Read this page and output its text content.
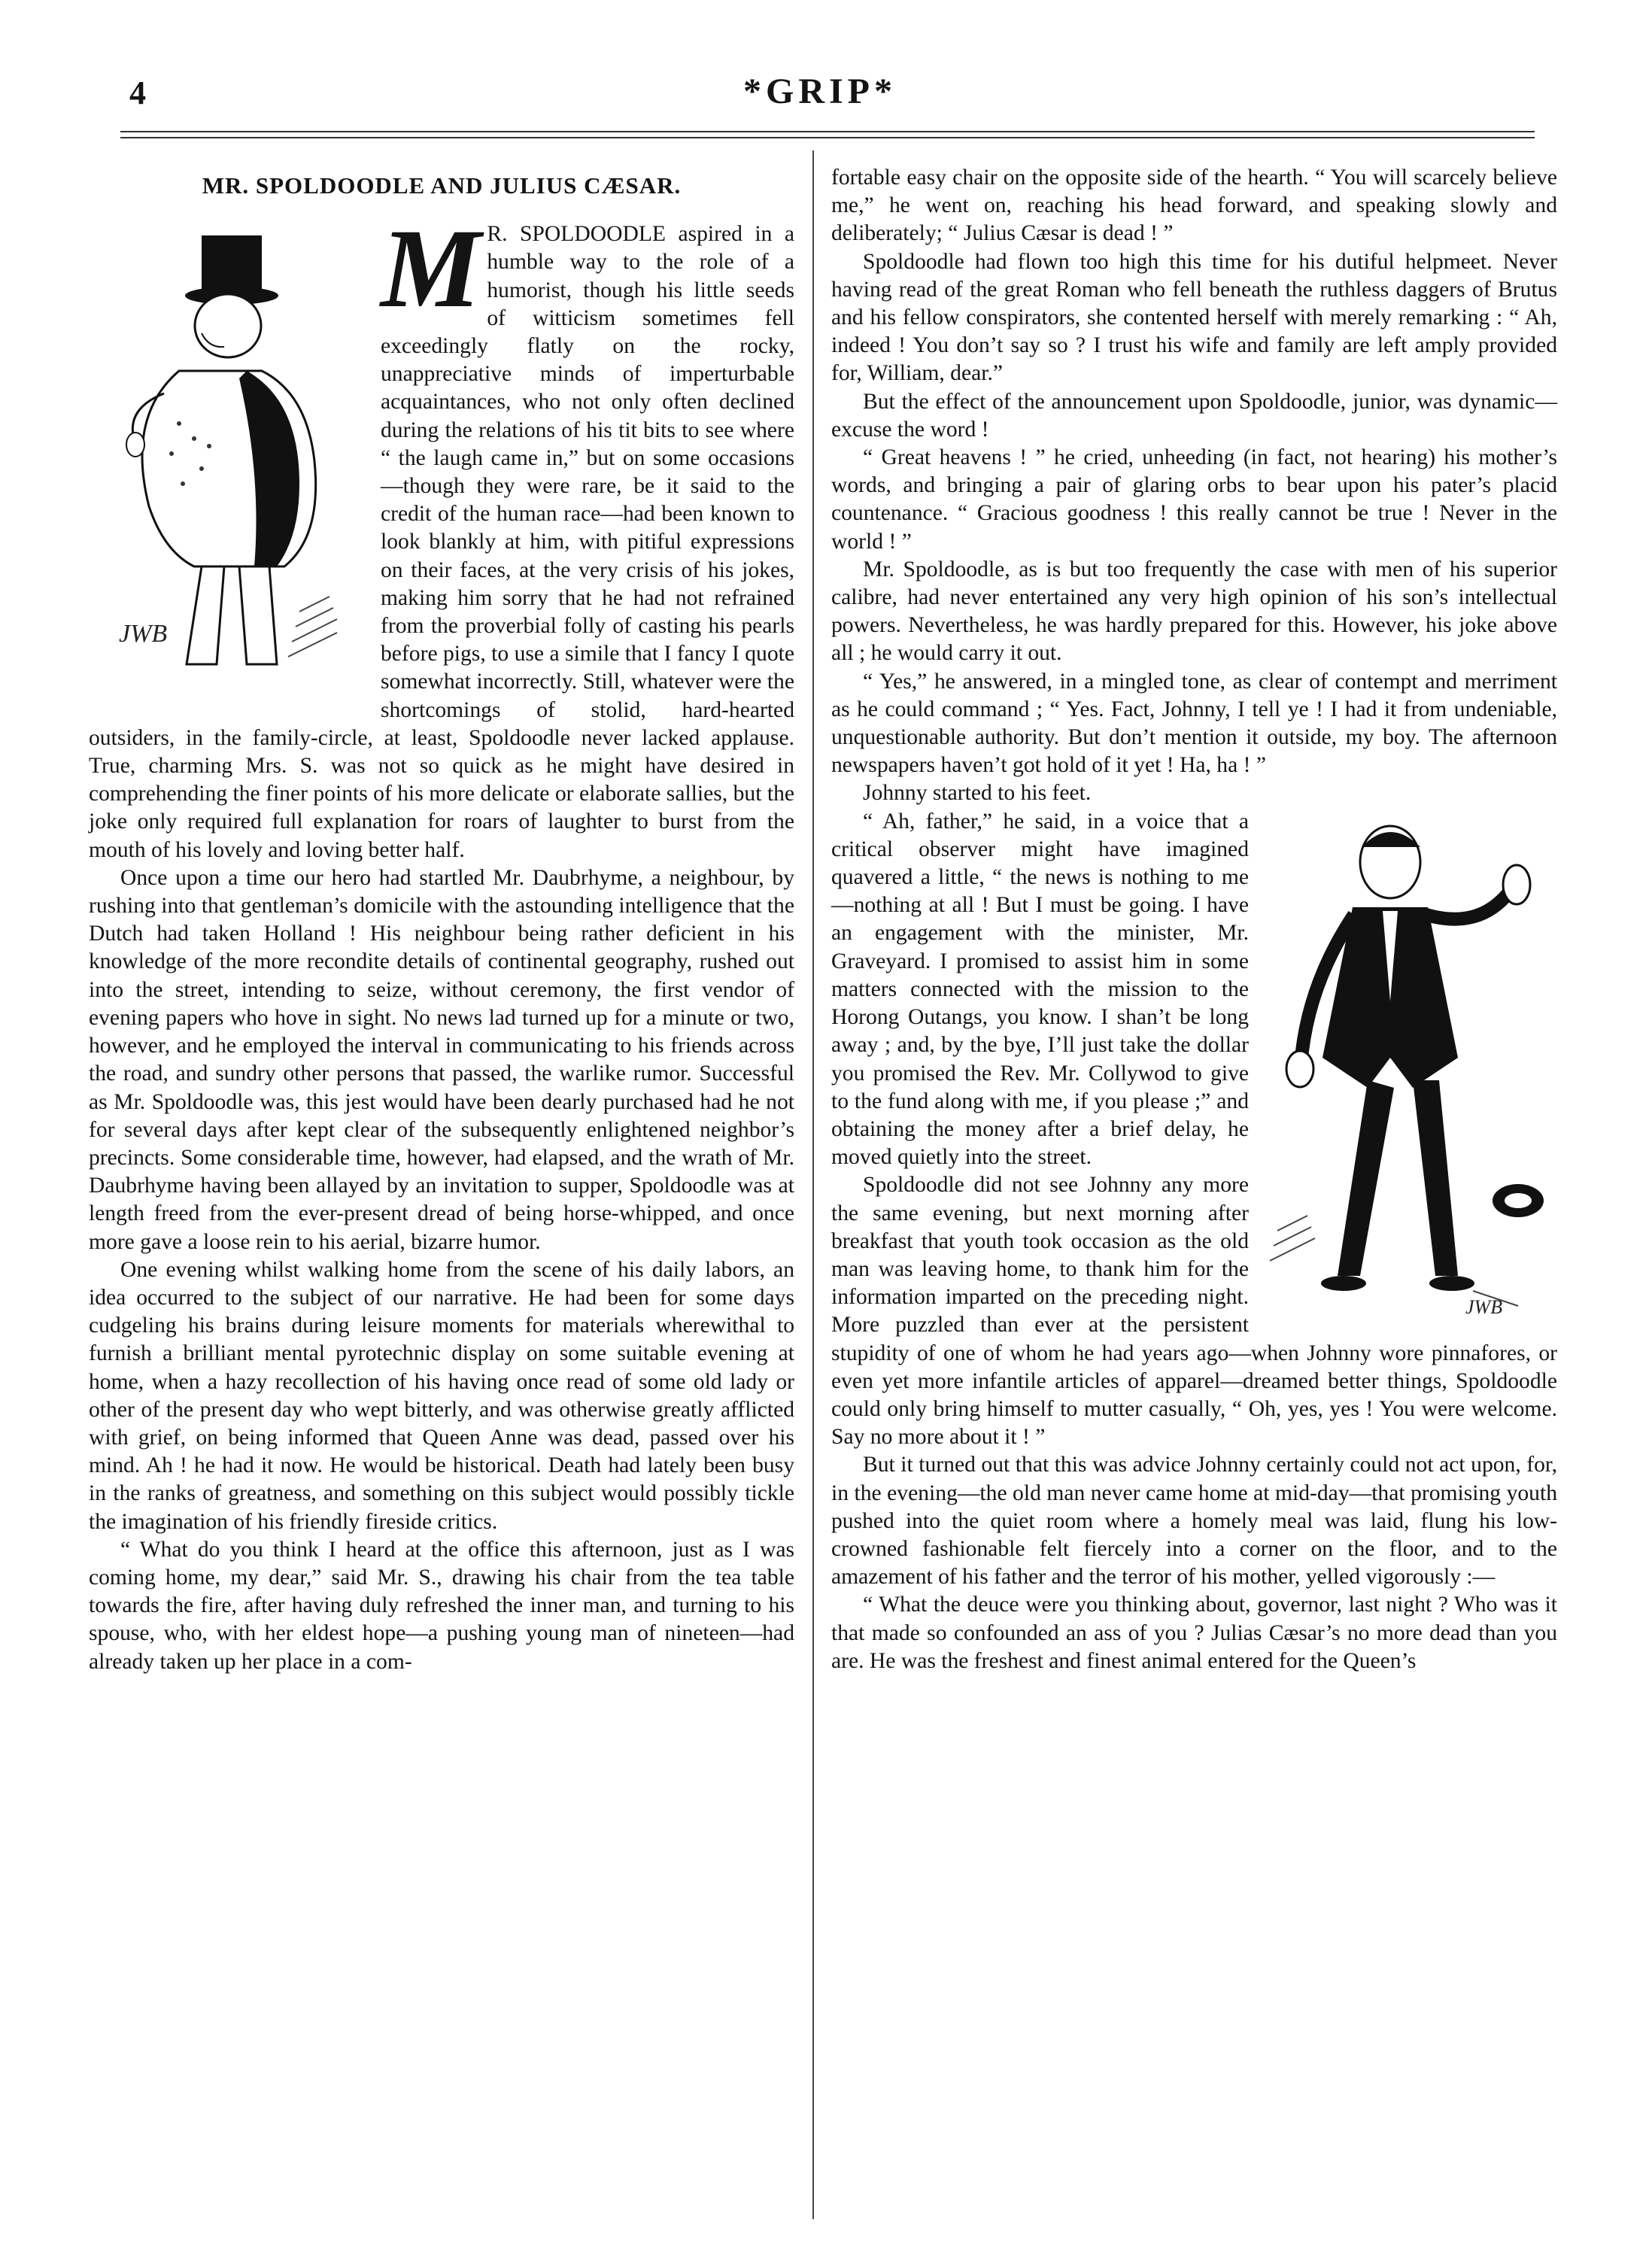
4	*GRIP*
MR. SPOLDOODLE AND JULIUS CÆSAR.
JWB
M R. SPOLDOODLE aspired in a humble way to the role of a humorist, though his little seeds of witticism sometimes fell exceedingly flatly on the rocky, unappreciative minds of imperturbable acquaintances, who not only often declined during the relations of his tit bits to see where “ the laugh came in,” but on some occasions—though they were rare, be it said to the credit of the human race—had been known to look blankly at him, with pitiful expressions on their faces, at the very crisis of his jokes, making him sorry that he had not refrained from the proverbial folly of casting his pearls before pigs, to use a simile that I fancy I quote somewhat incorrectly. Still, whatever were the shortcomings of stolid, hard-hearted outsiders, in the family-circle, at least, Spoldoodle never lacked applause. True, charming Mrs. S. was not so quick as he might have desired in comprehending the finer points of his more delicate or elaborate sallies, but the joke only required full explanation for roars of laughter to burst from the mouth of his lovely and loving better half.

Once upon a time our hero had startled Mr. Daubrhyme, a neighbour, by rushing into that gentleman’s domicile with the astounding intelligence that the Dutch had taken Holland ! His neighbour being rather deficient in his knowledge of the more recondite details of continental geography, rushed out into the street, intending to seize, without ceremony, the first vendor of evening papers who hove in sight. No news lad turned up for a minute or two, however, and he employed the interval in communicating to his friends across the road, and sundry other persons that passed, the warlike rumor. Successful as Mr. Spoldoodle was, this jest would have been dearly purchased had he not for several days after kept clear of the subsequently enlightened neighbor’s precincts. Some considerable time, however, had elapsed, and the wrath of Mr. Daubrhyme having been allayed by an invitation to supper, Spoldoodle was at length freed from the ever-present dread of being horse-whipped, and once more gave a loose rein to his aerial, bizarre humor.

One evening whilst walking home from the scene of his daily labors, an idea occurred to the subject of our narrative. He had been for some days cudgeling his brains during leisure moments for materials wherewithal to furnish a brilliant mental pyrotechnic display on some suitable evening at home, when a hazy recollection of his having once read of some old lady or other of the present day who wept bitterly, and was otherwise greatly afflicted with grief, on being informed that Queen Anne was dead, passed over his mind. Ah ! he had it now. He would be historical. Death had lately been busy in the ranks of greatness, and something on this subject would possibly tickle the imagination of his friendly fireside critics.

“ What do you think I heard at the office this afternoon, just as I was coming home, my dear,” said Mr. S., drawing his chair from the tea table towards the fire, after having duly refreshed the inner man, and turning to his spouse, who, with her eldest hope—a pushing young man of nineteen—had already taken up her place in a com-

fortable easy chair on the opposite side of the hearth. “ You will scarcely believe me,” he went on, reaching his head forward, and speaking slowly and deliberately; “ Julius Cæsar is dead ! ”

Spoldoodle had flown too high this time for his dutiful helpmeet. Never having read of the great Roman who fell beneath the ruthless daggers of Brutus and his fellow conspirators, she contented herself with merely remarking : “ Ah, indeed ! You don’t say so ? I trust his wife and family are left amply provided for, William, dear.”

But the effect of the announcement upon Spoldoodle, junior, was dynamic—excuse the word !

“ Great heavens ! ” he cried, unheeding (in fact, not hearing) his mother’s words, and bringing a pair of glaring orbs to bear upon his pater’s placid countenance. “ Gracious goodness ! this really cannot be true ! Never in the world ! ”

Mr. Spoldoodle, as is but too frequently the case with men of his superior calibre, had never entertained any very high opinion of his son’s intellectual powers. Nevertheless, he was hardly prepared for this. However, his joke above all ; he would carry it out.

“ Yes,” he answered, in a mingled tone, as clear of contempt and merriment as he could command ; “ Yes. Fact, Johnny, I tell ye ! I had it from undeniable, unquestionable authority. But don’t mention it outside, my boy. The afternoon newspapers haven’t got hold of it yet ! Ha, ha ! ”

Johnny started to his feet.

JWB

“ Ah, father,” he said, in a voice that a critical observer might have imagined quavered a little, “ the news is nothing to me —nothing at all ! But I must be going. I have an engagement with the minister, Mr. Graveyard. I promised to assist him in some matters connected with the mission to the Horong Outangs, you know. I shan’t be long away ; and, by the bye, I’ll just take the dollar you promised the Rev. Mr. Collywod to give to the fund along with me, if you please ;” and obtaining the money after a brief delay, he moved quietly into the street.

Spoldoodle did not see Johnny any more the same evening, but next morning after breakfast that youth took occasion as the old man was leaving home, to thank him for the information imparted on the preceding night. More puzzled than ever at the persistent stupidity of one of whom he had years ago—when Johnny wore pinnafores, or even yet more infantile articles of apparel—dreamed better things, Spoldoodle could only bring himself to mutter casually, “ Oh, yes, yes ! You were welcome. Say no more about it ! ”

But it turned out that this was advice Johnny certainly could not act upon, for, in the evening—the old man never came home at mid-day—that promising youth pushed into the quiet room where a homely meal was laid, flung his low-crowned fashionable felt fiercely into a corner on the floor, and to the amazement of his father and the terror of his mother, yelled vigorously :—

“ What the deuce were you thinking about, governor, last night ? Who was it that made so confounded an ass of you ? Julias Cæsar’s no more dead than you are. He was the freshest and finest animal entered for the Queen’s
